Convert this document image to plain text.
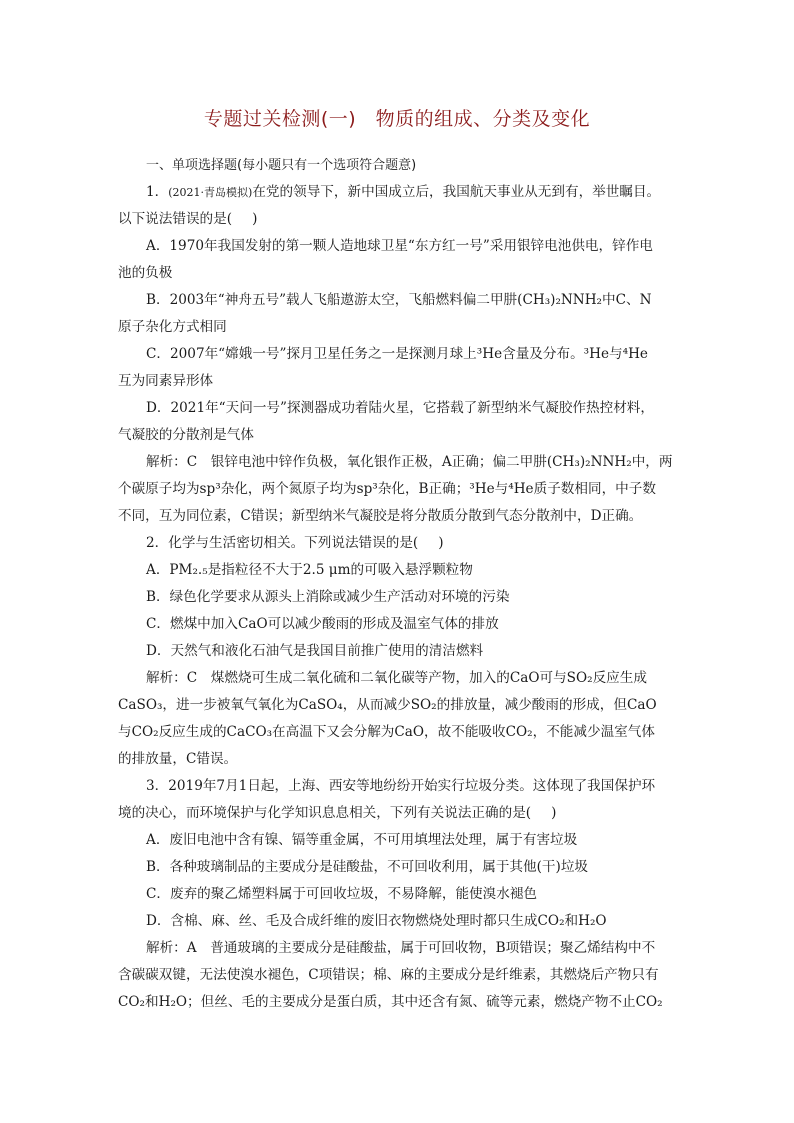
专题过关检测(一)　物质的组成、分类及变化
一、单项选择题(每小题只有一个选项符合题意)
1．(2021·青岛模拟)在党的领导下，新中国成立后，我国航天事业从无到有，举世瞩目。
以下说法错误的是( )
A．1970年我国发射的第一颗人造地球卫星“东方红一号”采用银锌电池供电，锌作电
池的负极
B．2003年“神舟五号”载人飞船遨游太空，飞船燃料偏二甲肼(CH₃)₂NNH₂中C、N
原子杂化方式相同
C．2007年“嫦娥一号”探月卫星任务之一是探测月球上³He含量及分布。³He与⁴He
互为同素异形体
D．2021年“天问一号”探测器成功着陆火星，它搭载了新型纳米气凝胶作热控材料，
气凝胶的分散剂是气体
解析：C　银锌电池中锌作负极，氧化银作正极，A正确；偏二甲肼(CH₃)₂NNH₂中，两
个碳原子均为sp³杂化，两个氮原子均为sp³杂化，B正确；³He与⁴He质子数相同，中子数
不同，互为同位素，C错误；新型纳米气凝胶是将分散质分散到气态分散剂中，D正确。
2．化学与生活密切相关。下列说法错误的是( )
A．PM₂.₅是指粒径不大于2.5 μm的可吸入悬浮颗粒物
B．绿色化学要求从源头上消除或减少生产活动对环境的污染
C．燃煤中加入CaO可以减少酸雨的形成及温室气体的排放
D．天然气和液化石油气是我国目前推广使用的清洁燃料
解析：C　煤燃烧可生成二氧化硫和二氧化碳等产物，加入的CaO可与SO₂反应生成
CaSO₃，进一步被氧气氧化为CaSO₄，从而减少SO₂的排放量，减少酸雨的形成，但CaO
与CO₂反应生成的CaCO₃在高温下又会分解为CaO，故不能吸收CO₂，不能减少温室气体
的排放量，C错误。
3．2019年7月1日起，上海、西安等地纷纷开始实行垃圾分类。这体现了我国保护环
境的决心，而环境保护与化学知识息息相关，下列有关说法正确的是( )
A．废旧电池中含有镍、镉等重金属，不可用填埋法处理，属于有害垃圾
B．各种玻璃制品的主要成分是硅酸盐，不可回收利用，属于其他(干)垃圾
C．废弃的聚乙烯塑料属于可回收垃圾，不易降解，能使溴水褪色
D．含棉、麻、丝、毛及合成纤维的废旧衣物燃烧处理时都只生成CO₂和H₂O
解析：A　普通玻璃的主要成分是硅酸盐，属于可回收物，B项错误；聚乙烯结构中不
含碳碳双键，无法使溴水褪色，C项错误；棉、麻的主要成分是纤维素，其燃烧后产物只有
CO₂和H₂O；但丝、毛的主要成分是蛋白质，其中还含有氮、硫等元素，燃烧产物不止CO₂
